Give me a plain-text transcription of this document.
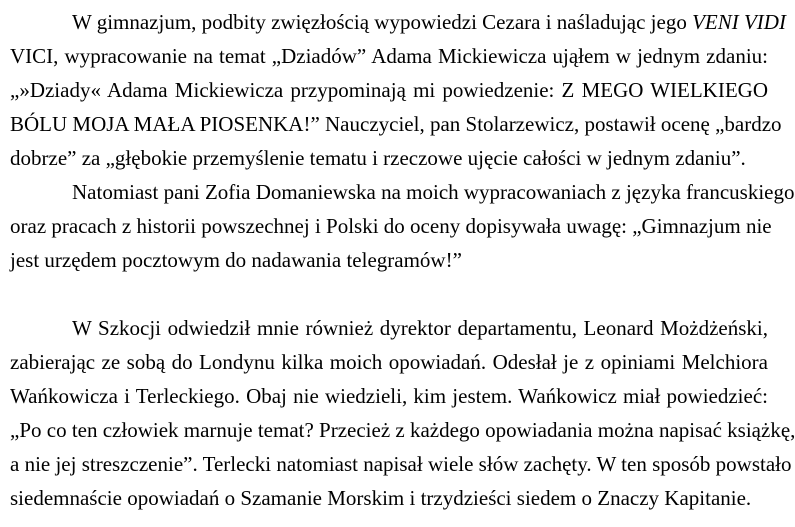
W gimnazjum, podbity zwięzłością wypowiedzi Cezara i naśladując jego VENI VIDI
VICI, wypracowanie na temat „Dziadów” Adama Mickiewicza ująłem w jednym zdaniu:
„»Dziady« Adama Mickiewicza przypominają mi powiedzenie: Z MEGO WIELKIEGO
BÓLU MOJA MAŁA PIOSENKA!” Nauczyciel, pan Stolarzewicz, postawił ocenę „bardzo
dobrze” za „głębokie przemyślenie tematu i rzeczowe ujęcie całości w jednym zdaniu”.
Natomiast pani Zofia Domaniewska na moich wypracowaniach z języka francuskiego
oraz pracach z historii powszechnej i Polski do oceny dopisywała uwagę: „Gimnazjum nie
jest urzędem pocztowym do nadawania telegramów!”
W Szkocji odwiedził mnie również dyrektor departamentu, Leonard Możdżeński,
zabierając ze sobą do Londynu kilka moich opowiadań. Odesłał je z opiniami Melchiora
Wańkowicza i Terleckiego. Obaj nie wiedzieli, kim jestem. Wańkowicz miał powiedzieć:
„Po co ten człowiek marnuje temat? Przecież z każdego opowiadania można napisać książkę,
a nie jej streszczenie”. Terlecki natomiast napisał wiele słów zachęty. W ten sposób powstało
siedemnaście opowiadań o Szamanie Morskim i trzydzieści siedem o Znaczy Kapitanie.
